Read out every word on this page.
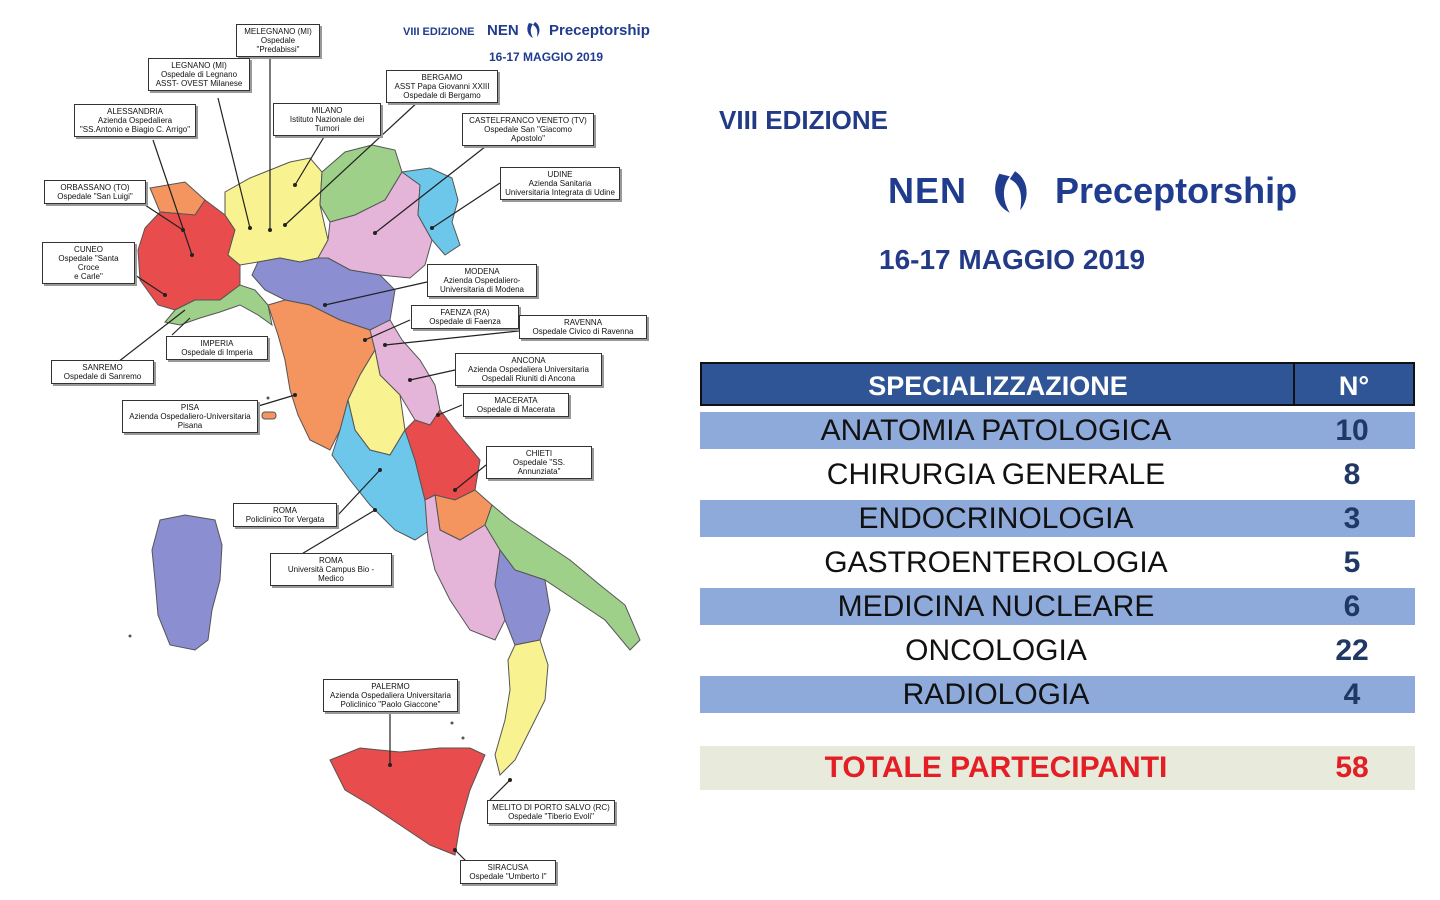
VIII EDIZIONE NEN Preceptorship
16-17 MAGGIO 2019
MELEGNANO (MI)
Ospedale "Predabissi"
LEGNANO (MI)
Ospedale di Legnano
ASST- OVEST Milanese
BERGAMO
ASST Papa Giovanni XXIII
Ospedale di Bergamo
ALESSANDRIA
Azienda Ospedaliera
"SS.Antonio e Biagio C. Arrigo"
MILANO
Istituto Nazionale dei Tumori
CASTELFRANCO VENETO (TV)
Ospedale San "Giacomo Apostolo"
UDINE
Azienda Sanitaria
Universitaria Integrata di Udine
ORBASSANO (TO)
Ospedale "San Luigi"
CUNEO
Ospedale "Santa Croce
e Carle"
MODENA
Azienda Ospedaliero-
Universitaria di Modena
FAENZA (RA)
Ospedale di Faenza	RAVENNA
Ospedale Civico di Ravenna
IMPERIA
Ospedale di Imperia
SANREMO
Ospedale di Sanremo
ANCONA
Azienda Ospedaliera Universitaria
Ospedali Riuniti di Ancona
PISA
Azienda Ospedaliero-Universitaria
Pisana
MACERATA
Ospedale di Macerata
CHIETI
Ospedale "SS. Annunziata"
ROMA
Policlinico Tor Vergata
ROMA
Università Campus Bio - Medico
PALERMO
Azienda Ospedaliera Universitaria
Policlinico "Paolo Giaccone"
MELITO DI PORTO SALVO (RC)
Ospedale "Tiberio Evoli"
SIRACUSA
Ospedale "Umberto I"
VIII EDIZIONE
NEN Preceptorship
16-17 MAGGIO 2019
SPECIALIZZAZIONE	N°
ANATOMIA PATOLOGICA	10
CHIRURGIA GENERALE	8
ENDOCRINOLOGIA	3
GASTROENTEROLOGIA	5
MEDICINA NUCLEARE	6
ONCOLOGIA	22
RADIOLOGIA	4
TOTALE PARTECIPANTI	58
